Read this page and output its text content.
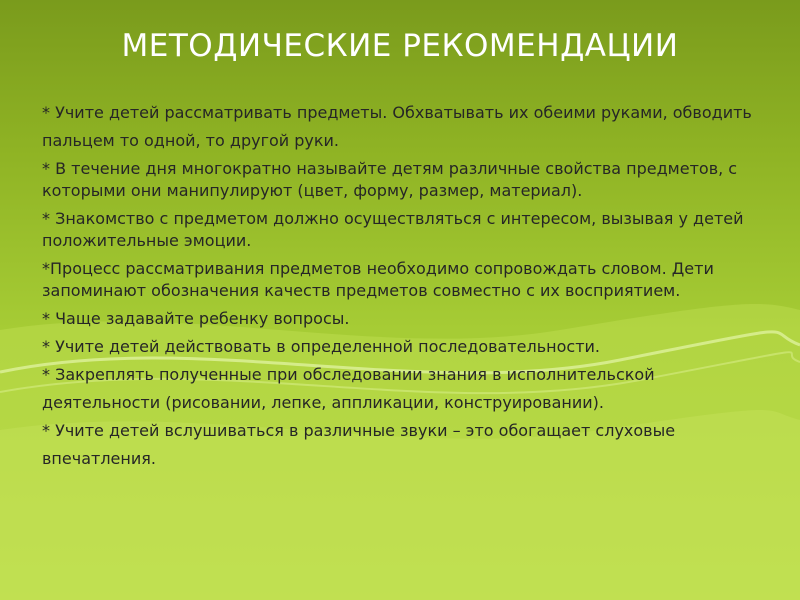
МЕТОДИЧЕСКИЕ РЕКОМЕНДАЦИИ
* Учите детей рассматривать предметы. Обхватывать их обеими руками, обводить
пальцем то одной, то другой руки.
* В течение дня многократно называйте детям различные свойства предметов, с которыми они манипулируют (цвет, форму, размер, материал).
* Знакомство с предметом должно осуществляться с интересом, вызывая у детей положительные эмоции.
*Процесс рассматривания предметов необходимо сопровождать словом. Дети запоминают обозначения качеств предметов совместно с их восприятием.
* Чаще задавайте ребенку вопросы.
* Учите детей действовать в определенной последовательности.
* Закреплять полученные при обследовании знания в исполнительской
деятельности (рисовании, лепке, аппликации, конструировании).
* Учите детей вслушиваться в различные звуки – это обогащает слуховые
впечатления.
